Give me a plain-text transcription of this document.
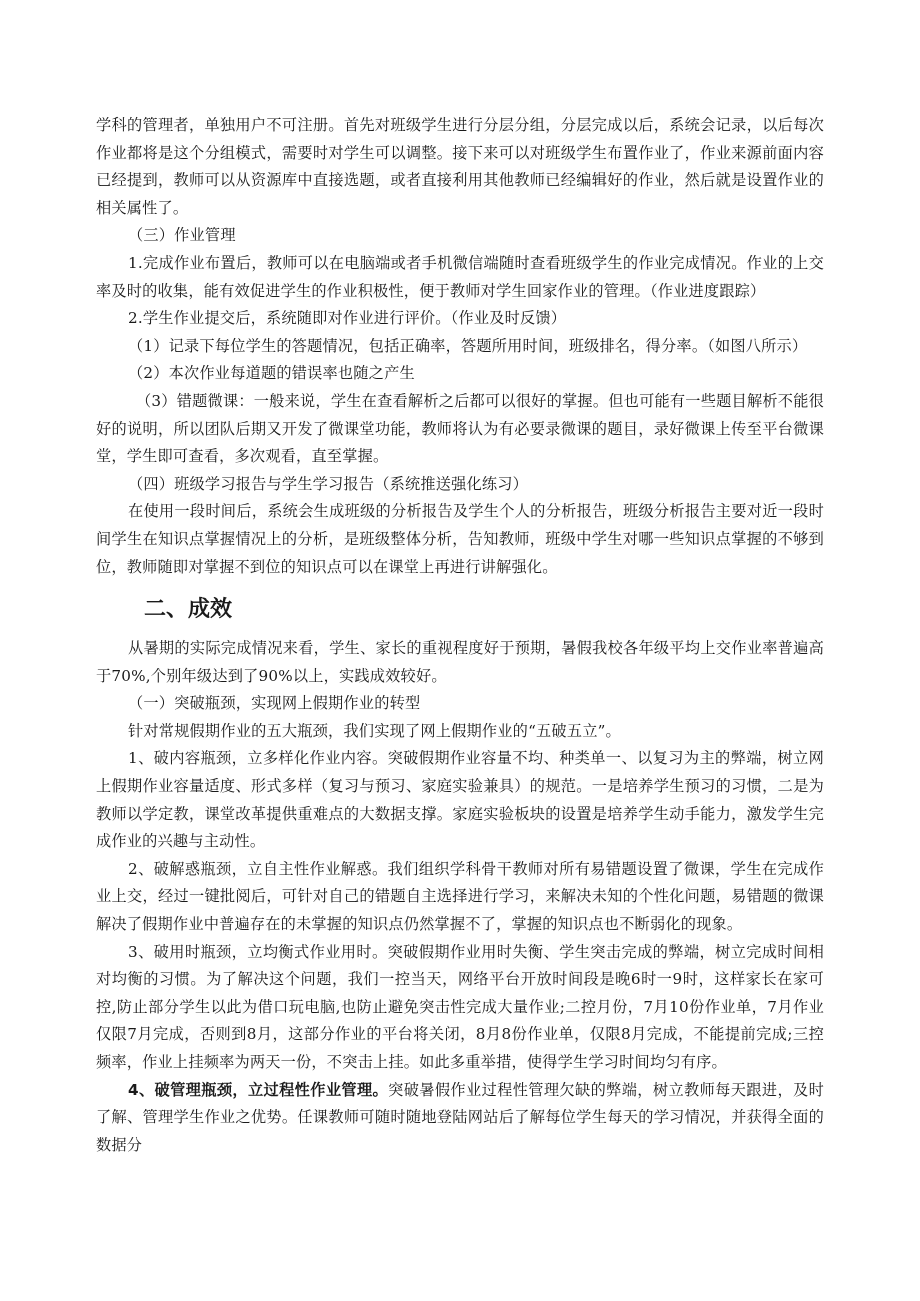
学科的管理者，单独用户不可注册。首先对班级学生进行分层分组，分层完成以后，系统会记录，以后每次作业都将是这个分组模式，需要时对学生可以调整。接下来可以对班级学生布置作业了，作业来源前面内容已经提到，教师可以从资源库中直接选题，或者直接利用其他教师已经编辑好的作业，然后就是设置作业的相关属性了。

（三）作业管理

1.完成作业布置后，教师可以在电脑端或者手机微信端随时查看班级学生的作业完成情况。作业的上交率及时的收集，能有效促进学生的作业积极性，便于教师对学生回家作业的管理。（作业进度跟踪）

2.学生作业提交后，系统随即对作业进行评价。（作业及时反馈）

（1）记录下每位学生的答题情况，包括正确率，答题所用时间，班级排名，得分率。（如图八所示）

（2）本次作业每道题的错误率也随之产生

（3）错题微课：一般来说，学生在查看解析之后都可以很好的掌握。但也可能有一些题目解析不能很好的说明，所以团队后期又开发了微课堂功能，教师将认为有必要录微课的题目，录好微课上传至平台微课堂，学生即可查看，多次观看，直至掌握。

（四）班级学习报告与学生学习报告（系统推送强化练习）

在使用一段时间后，系统会生成班级的分析报告及学生个人的分析报告，班级分析报告主要对近一段时间学生在知识点掌握情况上的分析，是班级整体分析，告知教师，班级中学生对哪一些知识点掌握的不够到位，教师随即对掌握不到位的知识点可以在课堂上再进行讲解强化。

二、成效

从暑期的实际完成情况来看，学生、家长的重视程度好于预期，暑假我校各年级平均上交作业率普遍高于70%,个别年级达到了90%以上，实践成效较好。

（一）突破瓶颈，实现网上假期作业的转型

针对常规假期作业的五大瓶颈，我们实现了网上假期作业的“五破五立”。

1、破内容瓶颈，立多样化作业内容。突破假期作业容量不均、种类单一、以复习为主的弊端，树立网上假期作业容量适度、形式多样（复习与预习、家庭实验兼具）的规范。一是培养学生预习的习惯，二是为教师以学定教，课堂改革提供重难点的大数据支撑。家庭实验板块的设置是培养学生动手能力，激发学生完成作业的兴趣与主动性。

2、破解惑瓶颈，立自主性作业解惑。我们组织学科骨干教师对所有易错题设置了微课，学生在完成作业上交，经过一键批阅后，可针对自己的错题自主选择进行学习，来解决未知的个性化问题，易错题的微课解决了假期作业中普遍存在的未掌握的知识点仍然掌握不了，掌握的知识点也不断弱化的现象。

3、破用时瓶颈，立均衡式作业用时。突破假期作业用时失衡、学生突击完成的弊端，树立完成时间相对均衡的习惯。为了解决这个问题，我们一控当天，网络平台开放时间段是晚6时一9时，这样家长在家可控,防止部分学生以此为借口玩电脑,也防止避免突击性完成大量作业;二控月份，7月10份作业单，7月作业仅限7月完成，否则到8月，这部分作业的平台将关闭，8月8份作业单，仅限8月完成，不能提前完成;三控频率，作业上挂频率为两天一份，不突击上挂。如此多重举措，使得学生学习时间均匀有序。

4、破管理瓶颈，立过程性作业管理。突破暑假作业过程性管理欠缺的弊端，树立教师每天跟进，及时了解、管理学生作业之优势。任课教师可随时随地登陆网站后了解每位学生每天的学习情况，并获得全面的数据分
